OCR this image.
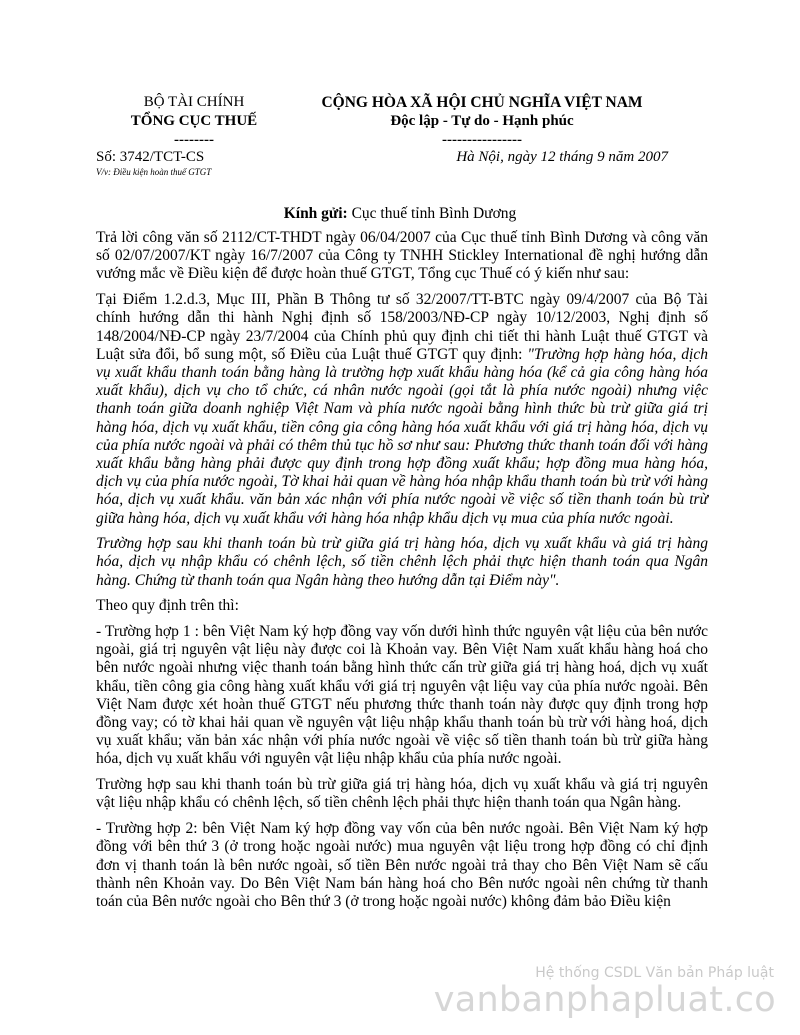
BỘ TÀI CHÍNH
TỔNG CỤC THUẾ
--------
CỘNG HÒA XÃ HỘI CHỦ NGHĨA VIỆT NAM
Độc lập - Tự do - Hạnh phúc
----------------
Số: 3742/TCT-CS
V/v: Điều kiện hoàn thuế GTGT
Hà Nội, ngày 12 tháng 9 năm 2007
Kính gửi: Cục thuế tỉnh Bình Dương

Trả lời công văn số 2112/CT-THDT ngày 06/04/2007 của Cục thuế tỉnh Bình Dương và công văn số 02/07/2007/KT ngày 16/7/2007 của Công ty TNHH Stickley International đề nghị hướng dẫn vướng mắc về Điều kiện để được hoàn thuế GTGT, Tổng cục Thuế có ý kiến như sau:

Tại Điểm 1.2.d.3, Mục III, Phần B Thông tư số 32/2007/TT-BTC ngày 09/4/2007 của Bộ Tài chính hướng dẫn thi hành Nghị định số 158/2003/NĐ-CP ngày 10/12/2003, Nghị định số 148/2004/NĐ-CP ngày 23/7/2004 của Chính phủ quy định chi tiết thi hành Luật thuế GTGT và Luật sửa đổi, bổ sung một, số Điều của Luật thuế GTGT quy định: "Trường hợp hàng hóa, dịch vụ xuất khẩu thanh toán bằng hàng là trường hợp xuất khẩu hàng hóa (kể cả gia công hàng hóa xuất khẩu), dịch vụ cho tổ chức, cá nhân nước ngoài (gọi tắt là phía nước ngoài) nhưng việc thanh toán giữa doanh nghiệp Việt Nam và phía nước ngoài bằng hình thức bù trừ giữa giá trị hàng hóa, dịch vụ xuất khẩu, tiền công gia công hàng hóa xuất khẩu với giá trị hàng hóa, dịch vụ của phía nước ngoài và phải có thêm thủ tục hồ sơ như sau: Phương thức thanh toán đối với hàng xuất khẩu bằng hàng phải được quy định trong hợp đồng xuất khẩu; hợp đồng mua hàng hóa, dịch vụ của phía nước ngoài, Tờ khai hải quan về hàng hóa nhập khẩu thanh toán bù trừ với hàng hóa, dịch vụ xuất khẩu. văn bản xác nhận với phía nước ngoài về việc số tiền thanh toán bù trừ giữa hàng hóa, dịch vụ xuất khẩu với hàng hóa nhập khẩu dịch vụ mua của phía nước ngoài.

Trường hợp sau khi thanh toán bù trừ giữa giá trị hàng hóa, dịch vụ xuất khẩu và giá trị hàng hóa, dịch vụ nhập khẩu có chênh lệch, số tiền chênh lệch phải thực hiện thanh toán qua Ngân hàng. Chứng từ thanh toán qua Ngân hàng theo hướng dẫn tại Điểm này".

Theo quy định trên thì:

- Trường hợp 1 : bên Việt Nam ký hợp đồng vay vốn dưới hình thức nguyên vật liệu của bên nước ngoài, giá trị nguyên vật liệu này được coi là Khoản vay. Bên Việt Nam xuất khẩu hàng hoá cho bên nước ngoài nhưng việc thanh toán bằng hình thức cấn trừ giữa giá trị hàng hoá, dịch vụ xuất khẩu, tiền công gia công hàng xuất khẩu với giá trị nguyên vật liệu vay của phía nước ngoài. Bên Việt Nam được xét hoàn thuế GTGT nếu phương thức thanh toán này được quy định trong hợp đồng vay; có tờ khai hải quan về nguyên vật liệu nhập khẩu thanh toán bù trừ với hàng hoá, dịch vụ xuất khẩu; văn bản xác nhận với phía nước ngoài về việc số tiền thanh toán bù trừ giữa hàng hóa, dịch vụ xuất khẩu với nguyên vật liệu nhập khẩu của phía nước ngoài.

Trường hợp sau khi thanh toán bù trừ giữa giá trị hàng hóa, dịch vụ xuất khẩu và giá trị nguyên vật liệu nhập khẩu có chênh lệch, số tiền chênh lệch phải thực hiện thanh toán qua Ngân hàng.

- Trường hợp 2: bên Việt Nam ký hợp đồng vay vốn của bên nước ngoài. Bên Việt Nam ký hợp đồng với bên thứ 3 (ở trong hoặc ngoài nước) mua nguyên vật liệu trong hợp đồng có chỉ định đơn vị thanh toán là bên nước ngoài, số tiền Bên nước ngoài trả thay cho Bên Việt Nam sẽ cấu thành nên Khoản vay. Do Bên Việt Nam bán hàng hoá cho Bên nước ngoài nên chứng từ thanh toán của Bên nước ngoài cho Bên thứ 3 (ở trong hoặc ngoài nước) không đảm bảo Điều kiện

Hệ thống CSDL Văn bản Pháp luật
vanbanphapluat.co
